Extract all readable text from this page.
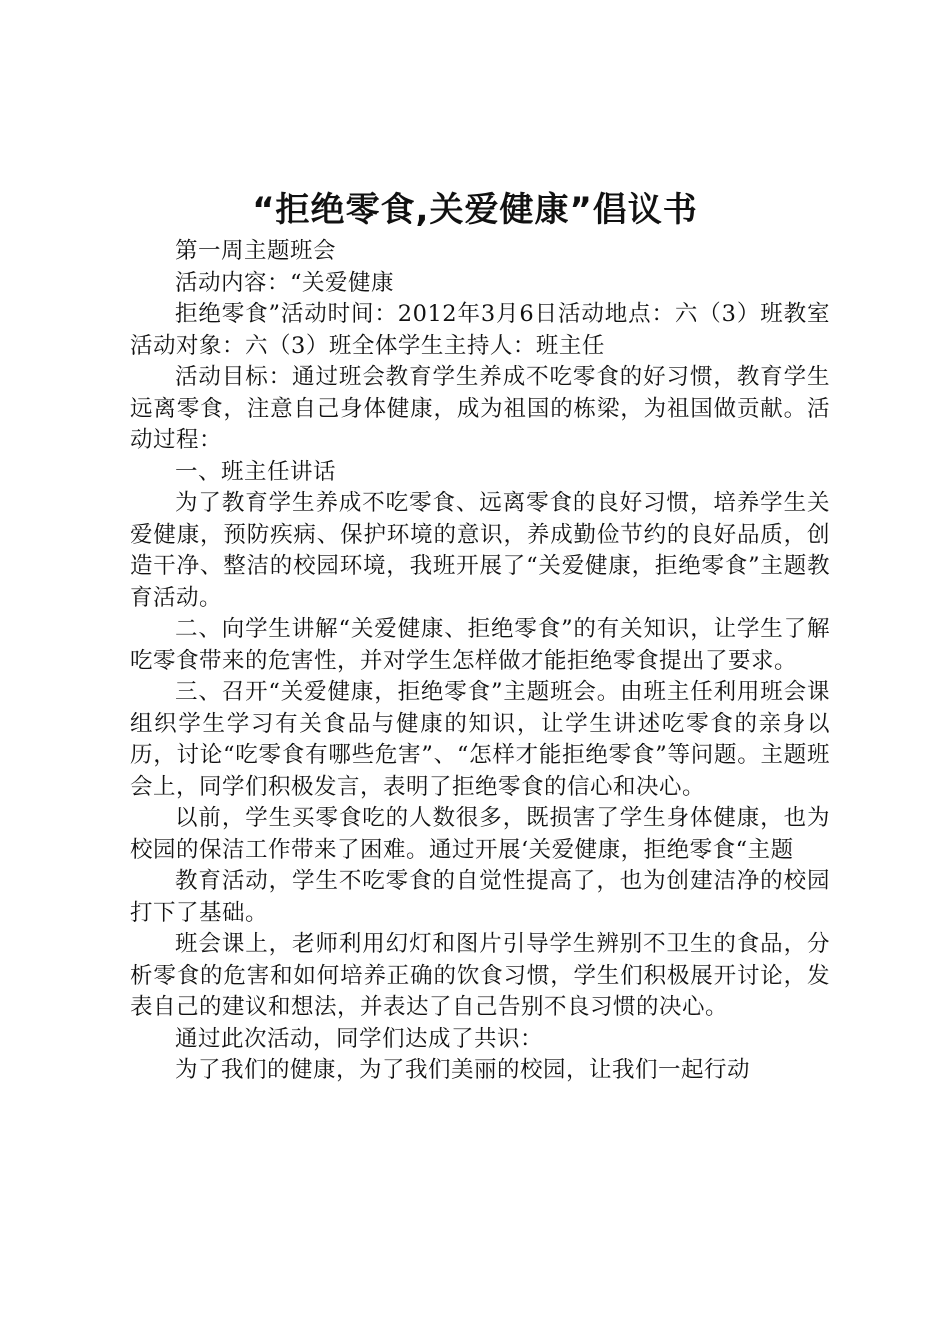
“拒绝零食,关爱健康”倡议书

第一周主题班会

活动内容：“关爱健康

拒绝零食”活动时间：2012年3月6日活动地点：六（3）班教室活动对象：六（3）班全体学生主持人：班主任

活动目标：通过班会教育学生养成不吃零食的好习惯，教育学生远离零食，注意自己身体健康，成为祖国的栋梁，为祖国做贡献。活动过程：

一、班主任讲话

为了教育学生养成不吃零食、远离零食的良好习惯，培养学生关爱健康，预防疾病、保护环境的意识，养成勤俭节约的良好品质，创造干净、整洁的校园环境，我班开展了“关爱健康，拒绝零食”主题教育活动。

二、向学生讲解“关爱健康、拒绝零食”的有关知识，让学生了解吃零食带来的危害性，并对学生怎样做才能拒绝零食提出了要求。

三、召开“关爱健康，拒绝零食”主题班会。由班主任利用班会课组织学生学习有关食品与健康的知识，让学生讲述吃零食的亲身以历，讨论“吃零食有哪些危害”、“怎样才能拒绝零食”等问题。主题班会上，同学们积极发言，表明了拒绝零食的信心和决心。

以前，学生买零食吃的人数很多，既损害了学生身体健康，也为校园的保洁工作带来了困难。通过开展‘关爱健康，拒绝零食“主题

教育活动，学生不吃零食的自觉性提高了，也为创建洁净的校园打下了基础。

班会课上，老师利用幻灯和图片引导学生辨别不卫生的食品，分析零食的危害和如何培养正确的饮食习惯，学生们积极展开讨论，发表自己的建议和想法，并表达了自己告别不良习惯的决心。

通过此次活动，同学们达成了共识：

为了我们的健康，为了我们美丽的校园，让我们一起行动
